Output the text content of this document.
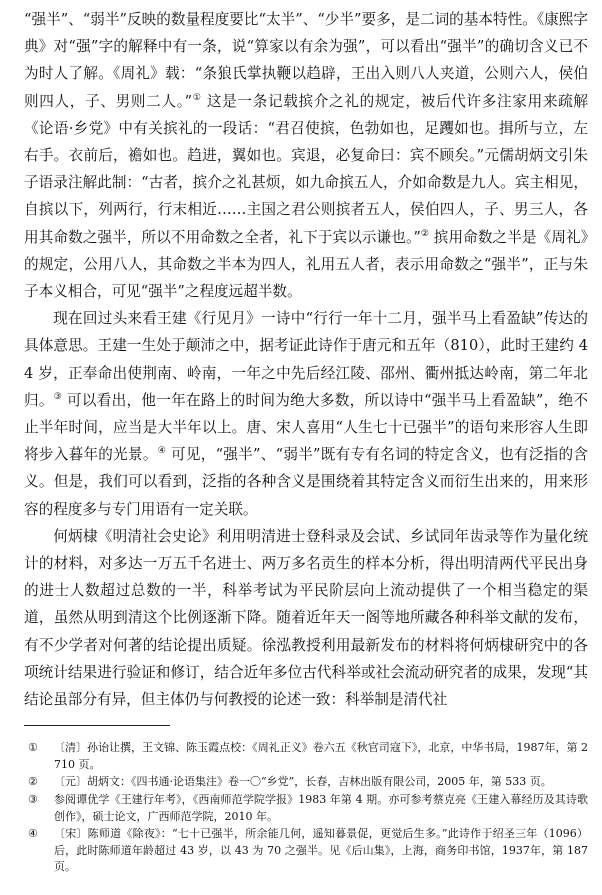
“强半”、“弱半”反映的数量程度要比“太半”、“少半”要多，是二词的基本特性。《康熙字典》对“强”字的解释中有一条，说“算家以有余为强”，可以看出“强半”的确切含义已不为时人了解。《周礼》载：“条狼氏掌执鞭以趋辟，王出入则八人夹道，公则六人，侯伯则四人，子、男则二人。”① 这是一条记载摈介之礼的规定，被后代许多注家用来疏解《论语·乡党》中有关摈礼的一段话：“君召使摈，色勃如也，足躩如也。揖所与立，左右手。衣前后，襜如也。趋进，翼如也。宾退，必复命曰：宾不顾矣。”元儒胡炳文引朱子语录注解此制：“古者，摈介之礼甚烦，如九命摈五人，介如命数是九人。宾主相见，自摈以下，列两行，行末相近……主国之君公则摈者五人，侯伯四人，子、男三人，各用其命数之强半，所以不用命数之全者，礼下于宾以示谦也。”② 摈用命数之半是《周礼》的规定，公用八人，其命数之半本为四人，礼用五人者，表示用命数之“强半”，正与朱子本义相合，可见“强半”之程度远超半数。

现在回过头来看王建《行见月》一诗中“行行一年十二月，强半马上看盈缺”传达的具体意思。王建一生处于颠沛之中，据考证此诗作于唐元和五年（810），此时王建约 44 岁，正奉命出使荆南、岭南，一年之中先后经江陵、邵州、衢州抵达岭南，第二年北归。③ 可以看出，他一年在路上的时间为绝大多数，所以诗中“强半马上看盈缺”，绝不止半年时间，应当是大半年以上。唐、宋人喜用“人生七十已强半”的语句来形容人生即将步入暮年的光景。④ 可见，“强半”、“弱半”既有专有名词的特定含义，也有泛指的含义。但是，我们可以看到，泛指的各种含义是围绕着其特定含义而衍生出来的，用来形容的程度多与专门用语有一定关联。

何炳棣《明清社会史论》利用明清进士登科录及会试、乡试同年齿录等作为量化统计的材料，对多达一万五千名进士、两万多名贡生的样本分析，得出明清两代平民出身的进士人数超过总数的一半，科举考试为平民阶层向上流动提供了一个相当稳定的渠道，虽然从明到清这个比例逐渐下降。随着近年天一阁等地所藏各种科举文献的发布，有不少学者对何著的结论提出质疑。徐泓教授利用最新发布的材料将何炳棣研究中的各项统计结果进行验证和修订，结合近年多位古代科举或社会流动研究者的成果，发现“其结论虽部分有异，但主体仍与何教授的论述一致：科举制是清代社

①	〔清〕孙诒让撰，王文锦、陈玉霞点校：《周礼正义》卷六五《秋官司寇下》，北京，中华书局，1987年，第 2710 页。
②	〔元〕胡炳文：《四书通·论语集注》卷一〇“乡党”，长春，吉林出版有限公司，2005 年，第 533 页。
③	参阅谭优学《王建行年考》，《西南师范学院学报》1983 年第 4 期。亦可参考蔡克亮《王建入幕经历及其诗歌创作》，硕士论文，广西师范学院，2010 年。
④	〔宋〕陈师道《除夜》：“七十已强半，所余能几何，遥知暮景促，更觉后生多。”此诗作于绍圣三年（1096）后，此时陈师道年龄超过 43 岁，以 43 为 70 之强半。见《后山集》，上海，商务印书馆，1937年，第 187 页。
